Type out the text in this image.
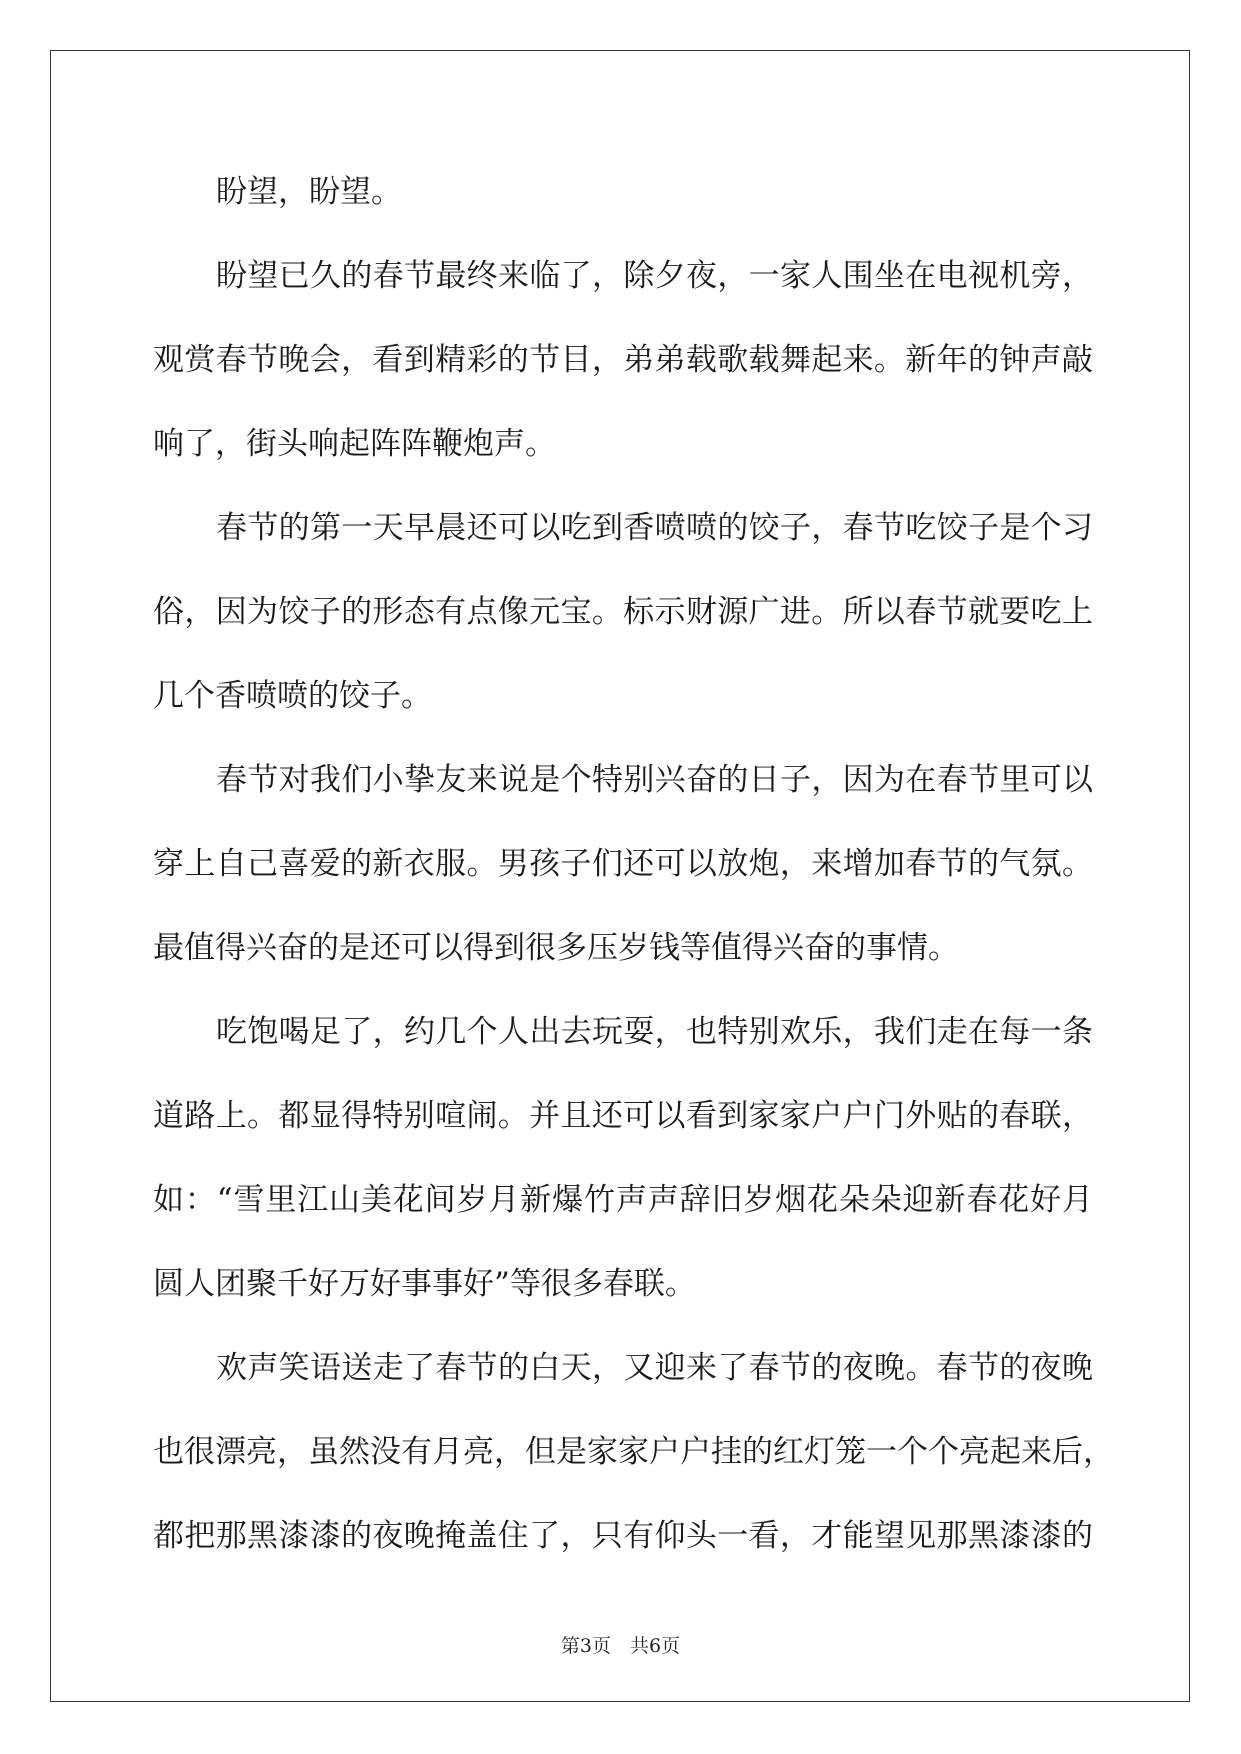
盼望，盼望。
盼望已久的春节最终来临了，除夕夜，一家人围坐在电视机旁，
观赏春节晚会，看到精彩的节目，弟弟载歌载舞起来。新年的钟声敲
响了，街头响起阵阵鞭炮声。
春节的第一天早晨还可以吃到香喷喷的饺子，春节吃饺子是个习
俗，因为饺子的形态有点像元宝。标示财源广进。所以春节就要吃上
几个香喷喷的饺子。
春节对我们小挚友来说是个特别兴奋的日子，因为在春节里可以
穿上自己喜爱的新衣服。男孩子们还可以放炮，来增加春节的气氛。
最值得兴奋的是还可以得到很多压岁钱等值得兴奋的事情。
吃饱喝足了，约几个人出去玩耍，也特别欢乐，我们走在每一条
道路上。都显得特别喧闹。并且还可以看到家家户户门外贴的春联，
如：“雪里江山美花间岁月新爆竹声声辞旧岁烟花朵朵迎新春花好月
圆人团聚千好万好事事好”等很多春联。
欢声笑语送走了春节的白天，又迎来了春节的夜晚。春节的夜晚
也很漂亮，虽然没有月亮，但是家家户户挂的红灯笼一个个亮起来后，
都把那黑漆漆的夜晚掩盖住了，只有仰头一看，才能望见那黑漆漆的
第3页　共6页
